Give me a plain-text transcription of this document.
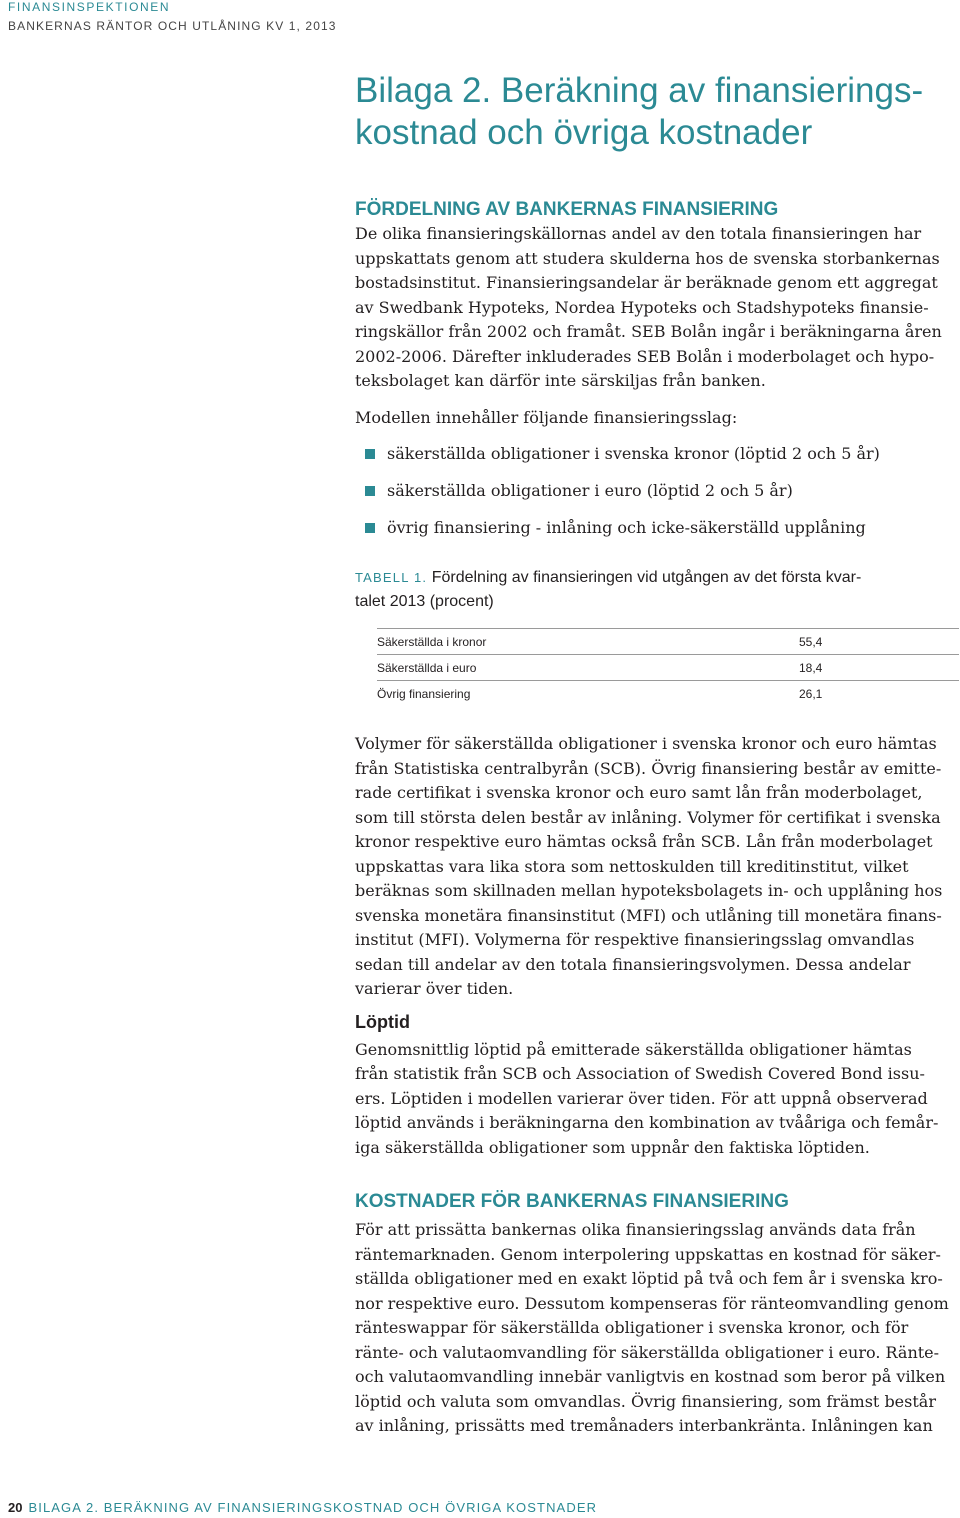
FINANSINSPEKTIONEN
BANKERNAS RÄNTOR OCH UTLÅNING KV 1, 2013
Bilaga 2. Beräkning av finansierings-
kostnad och övriga kostnader
FÖRDELNING AV BANKERNAS FINANSIERING

De olika finansieringskällornas andel av den totala finansieringen har
uppskattats genom att studera skulderna hos de svenska storbankernas
bostadsinstitut. Finansieringsandelar är beräknade genom ett aggregat
av Swedbank Hypoteks, Nordea Hypoteks och Stadshypoteks finansie-
ringskällor från 2002 och framåt. SEB Bolån ingår i beräkningarna åren
2002-2006. Därefter inkluderades SEB Bolån i moderbolaget och hypo-
teksbolaget kan därför inte särskiljas från banken.

Modellen innehåller följande finansieringsslag:

säkerställda obligationer i svenska kronor (löptid 2 och 5 år)
säkerställda obligationer i euro (löptid 2 och 5 år)
övrig finansiering - inlåning och icke-säkerställd upplåning

TABELL 1. Fördelning av finansieringen vid utgången av det första kvar-
talet 2013 (procent)

Säkerställda i kronor	55,4
Säkerställda i euro	18,4
Övrig finansiering	26,1

Volymer för säkerställda obligationer i svenska kronor och euro hämtas
från Statistiska centralbyrån (SCB). Övrig finansiering består av emitte-
rade certifikat i svenska kronor och euro samt lån från moderbolaget,
som till största delen består av inlåning. Volymer för certifikat i svenska
kronor respektive euro hämtas också från SCB. Lån från moderbolaget
uppskattas vara lika stora som nettoskulden till kreditinstitut, vilket
beräknas som skillnaden mellan hypoteksbolagets in- och upplåning hos
svenska monetära finansinstitut (MFI) och utlåning till monetära finans-
institut (MFI). Volymerna för respektive finansieringsslag omvandlas
sedan till andelar av den totala finansieringsvolymen. Dessa andelar
varierar över tiden.

Löptid

Genomsnittlig löptid på emitterade säkerställda obligationer hämtas
från statistik från SCB och Association of Swedish Covered Bond issu-
ers. Löptiden i modellen varierar över tiden. För att uppnå observerad
löptid används i beräkningarna den kombination av tvååriga och femår-
iga säkerställda obligationer som uppnår den faktiska löptiden.

KOSTNADER FÖR BANKERNAS FINANSIERING

För att prissätta bankernas olika finansieringsslag används data från
räntemarknaden. Genom interpolering uppskattas en kostnad för säker-
ställda obligationer med en exakt löptid på två och fem år i svenska kro-
nor respektive euro. Dessutom kompenseras för ränteomvandling genom
ränteswappar för säkerställda obligationer i svenska kronor, och för
ränte- och valutaomvandling för säkerställda obligationer i euro. Ränte-
och valutaomvandling innebär vanligtvis en kostnad som beror på vilken
löptid och valuta som omvandlas. Övrig finansiering, som främst består
av inlåning, prissätts med tremånaders interbankränta. Inlåningen kan

20 BILAGA 2. BERÄKNING AV FINANSIERINGSKOSTNAD OCH ÖVRIGA KOSTNADER
